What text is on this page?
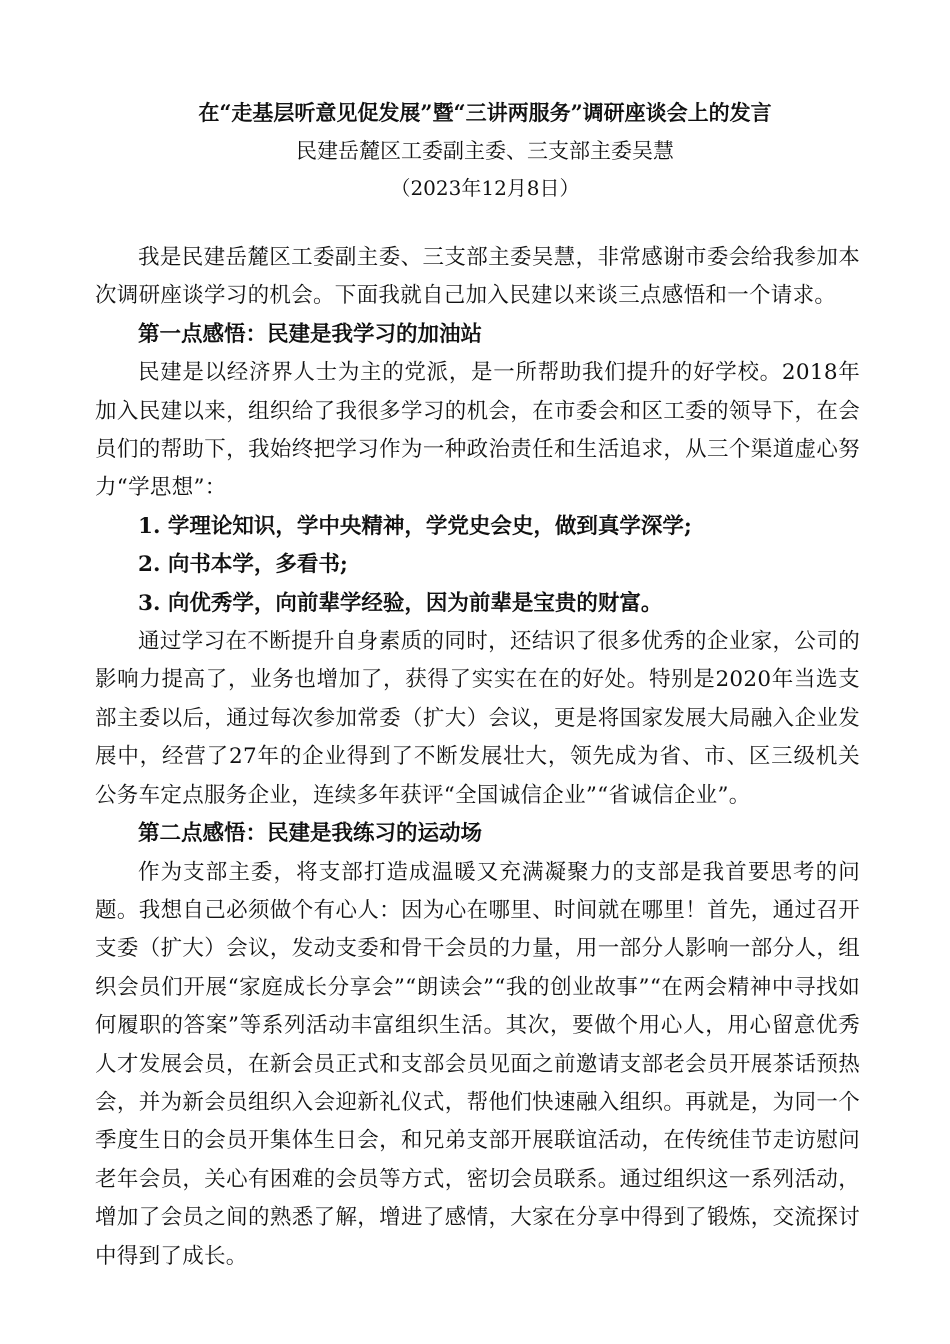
在“走基层听意见促发展”暨“三讲两服务”调研座谈会上的发言
民建岳麓区工委副主委、三支部主委吴慧
（2023年12月8日）

我是民建岳麓区工委副主委、三支部主委吴慧，非常感谢市委会给我参加本次调研座谈学习的机会。下面我就自己加入民建以来谈三点感悟和一个请求。

第一点感悟：民建是我学习的加油站

民建是以经济界人士为主的党派，是一所帮助我们提升的好学校。2018年加入民建以来，组织给了我很多学习的机会，在市委会和区工委的领导下，在会员们的帮助下，我始终把学习作为一种政治责任和生活追求，从三个渠道虚心努力“学思想”：

1. 学理论知识，学中央精神，学党史会史，做到真学深学;

2. 向书本学，多看书;

3. 向优秀学，向前辈学经验，因为前辈是宝贵的财富。

通过学习在不断提升自身素质的同时，还结识了很多优秀的企业家，公司的影响力提高了，业务也增加了，获得了实实在在的好处。特别是2020年当选支部主委以后，通过每次参加常委（扩大）会议，更是将国家发展大局融入企业发展中，经营了27年的企业得到了不断发展壮大，领先成为省、市、区三级机关公务车定点服务企业，连续多年获评“全国诚信企业”“省诚信企业”。

第二点感悟：民建是我练习的运动场

作为支部主委，将支部打造成温暖又充满凝聚力的支部是我首要思考的问题。我想自己必须做个有心人：因为心在哪里、时间就在哪里！首先，通过召开支委（扩大）会议，发动支委和骨干会员的力量，用一部分人影响一部分人，组织会员们开展“家庭成长分享会”“朗读会”“我的创业故事”“在两会精神中寻找如何履职的答案”等系列活动丰富组织生活。其次，要做个用心人，用心留意优秀人才发展会员，在新会员正式和支部会员见面之前邀请支部老会员开展茶话预热会，并为新会员组织入会迎新礼仪式，帮他们快速融入组织。再就是，为同一个季度生日的会员开集体生日会，和兄弟支部开展联谊活动，在传统佳节走访慰问老年会员，关心有困难的会员等方式，密切会员联系。通过组织这一系列活动，增加了会员之间的熟悉了解，增进了感情，大家在分享中得到了锻炼，交流探讨中得到了成长。
